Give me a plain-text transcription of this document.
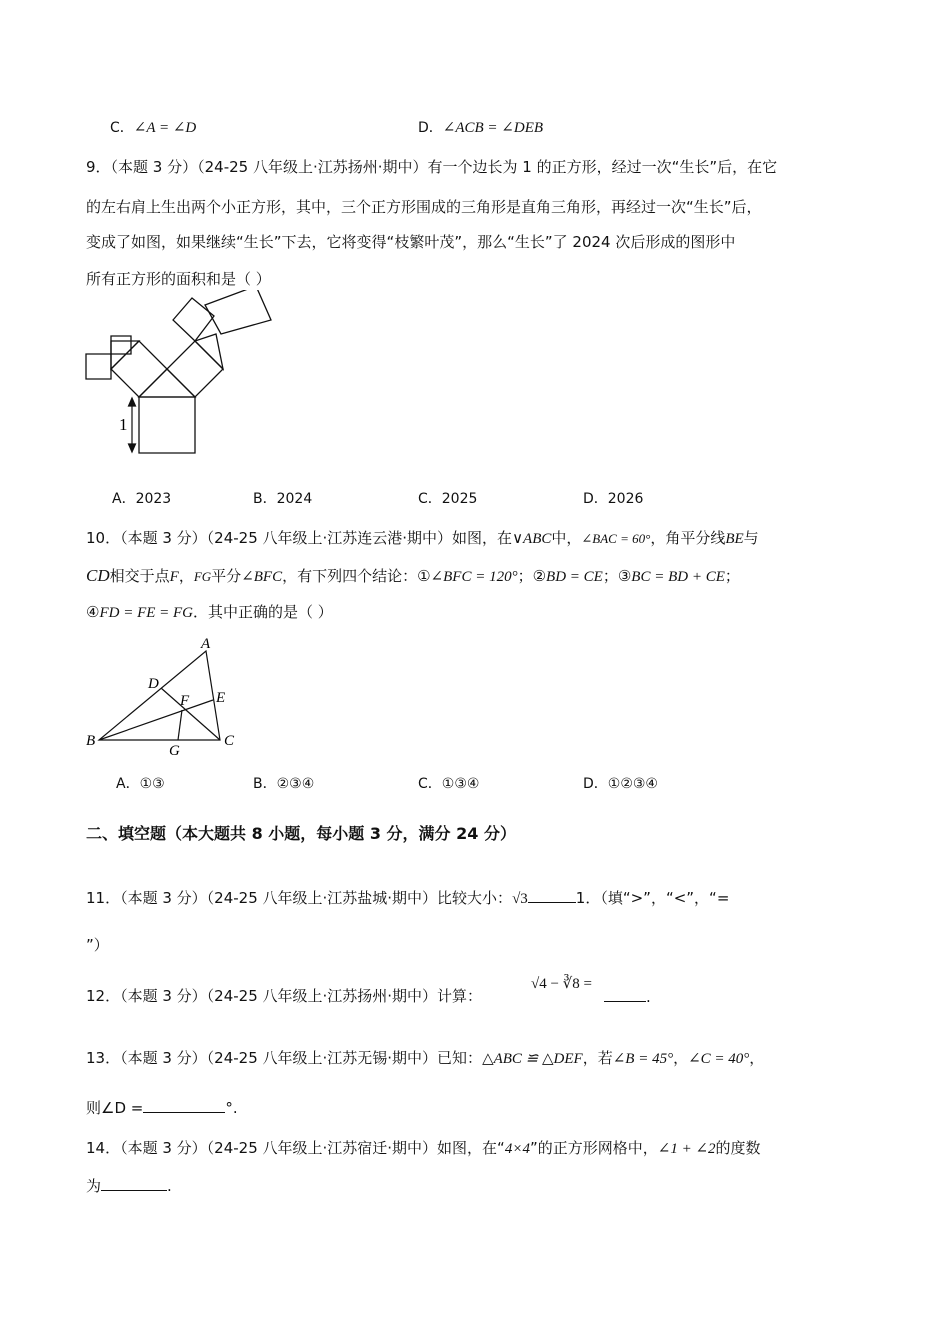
C．∠A = ∠D	D．∠ACB = ∠DEB
9．（本题 3 分）（24-25 八年级上·江苏扬州·期中）有一个边长为 1 的正方形，经过一次“生长”后，在它
的左右肩上生出两个小正方形，其中，三个正方形围成的三角形是直角三角形，再经过一次“生长”后，
变成了如图，如果继续“生长”下去，它将变得“枝繁叶茂”，那么“生长”了 2024 次后形成的图形中
所有正方形的面积和是（ ）
1
A．2023	B．2024	C．2025	D．2026
10．（本题 3 分）（24-25 八年级上·江苏连云港·期中）如图，在∨ABC中，∠BAC = 60°，角平分线BE与
CD相交于点F，FG平分∠BFC，有下列四个结论：①∠BFC = 120°；②BD = CE；③BC = BD + CE；
④FD = FE = FG．其中正确的是（ ）
A
D
E
F
B
G
C
A．①③	B．②③④	C．①③④	D．①②③④
二、填空题（本大题共 8 小题，每小题 3 分，满分 24 分）
11．（本题 3 分）（24-25 八年级上·江苏盐城·期中）比较大小：√3	1．（填“>”，“<”，“=
”）
12．（本题 3 分）（24-25 八年级上·江苏扬州·期中）计算：
√4 − ∛8 =
.
13．（本题 3 分）（24-25 八年级上·江苏无锡·期中）已知：△ABC ≌ △DEF，若∠B = 45°，∠C = 40°，
则∠D =	°.
14．（本题 3 分）（24-25 八年级上·江苏宿迁·期中）如图，在“4×4”的正方形网格中，∠1 + ∠2的度数
为	.
